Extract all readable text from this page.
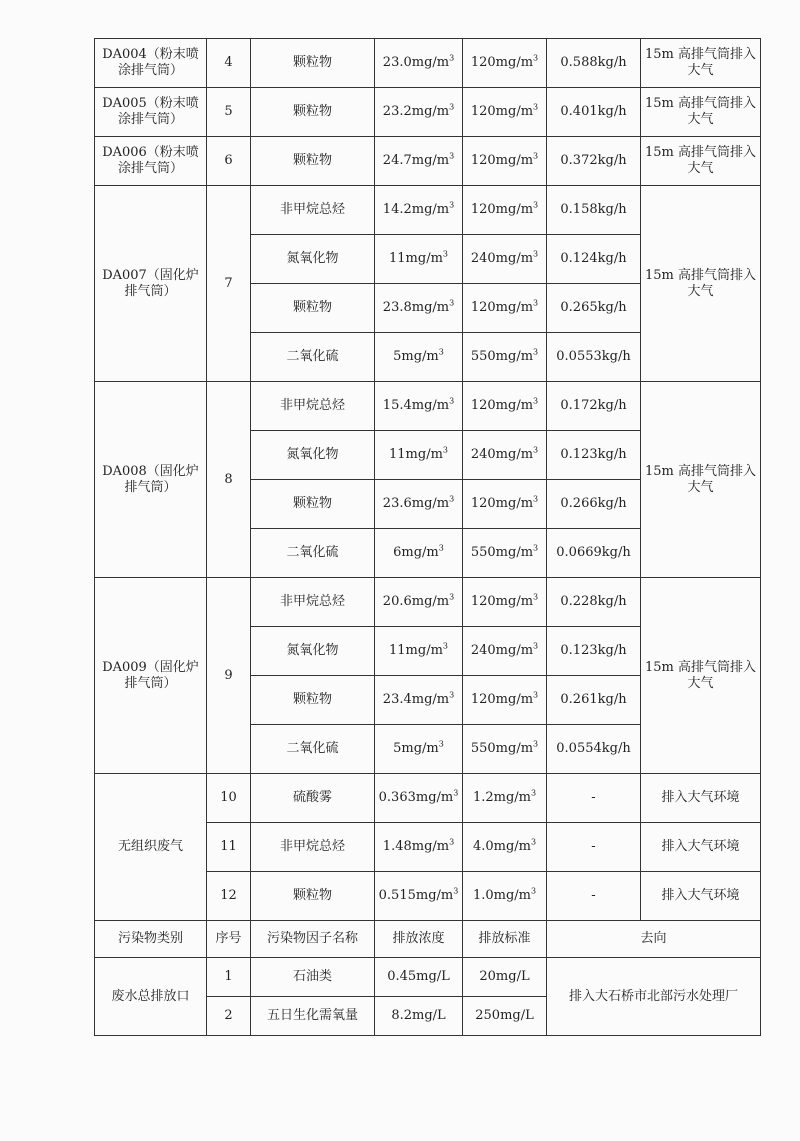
DA004（粉末喷涂排气筒）	4	颗粒物	$23.0mg/m^3$	$120mg/m^3$	0.588kg/h	15m 高排气筒排入大气
DA005（粉末喷涂排气筒）	5	颗粒物	$23.2mg/m^3$	$120mg/m^3$	0.401kg/h	15m 高排气筒排入大气
DA006（粉末喷涂排气筒）	6	颗粒物	$24.7mg/m^3$	$120mg/m^3$	0.372kg/h	15m 高排气筒排入大气
DA007（固化炉排气筒）	7	非甲烷总烃	$14.2mg/m^3$	$120mg/m^3$	0.158kg/h	15m 高排气筒排入大气
		氮氧化物	$11mg/m^3$	$240mg/m^3$	0.124kg/h	
		颗粒物	$23.8mg/m^3$	$120mg/m^3$	0.265kg/h	
		二氧化硫	$5mg/m^3$	$550mg/m^3$	0.0553kg/h	
DA008（固化炉排气筒）	8	非甲烷总烃	$15.4mg/m^3$	$120mg/m^3$	0.172kg/h	15m 高排气筒排入大气
		氮氧化物	$11mg/m^3$	$240mg/m^3$	0.123kg/h	
		颗粒物	$23.6mg/m^3$	$120mg/m^3$	0.266kg/h	
		二氧化硫	$6mg/m^3$	$550mg/m^3$	0.0669kg/h	
DA009（固化炉排气筒）	9	非甲烷总烃	$20.6mg/m^3$	$120mg/m^3$	0.228kg/h	15m 高排气筒排入大气
		氮氧化物	$11mg/m^3$	$240mg/m^3$	0.123kg/h	
		颗粒物	$23.4mg/m^3$	$120mg/m^3$	0.261kg/h	
		二氧化硫	$5mg/m^3$	$550mg/m^3$	0.0554kg/h	
无组织废气	10	硫酸雾	$0.363mg/m^3$	$1.2mg/m^3$	-	排入大气环境
	11	非甲烷总烃	$1.48mg/m^3$	$4.0mg/m^3$	-	排入大气环境
	12	颗粒物	$0.515mg/m^3$	$1.0mg/m^3$	-	排入大气环境
污染物类别	序号	污染物因子名称	排放浓度	排放标准	去向	
废水总排放口	1	石油类	0.45mg/L	20mg/L	排入大石桥市北部污水处理厂	
	2	五日生化需氧量	8.2mg/L	250mg/L		
